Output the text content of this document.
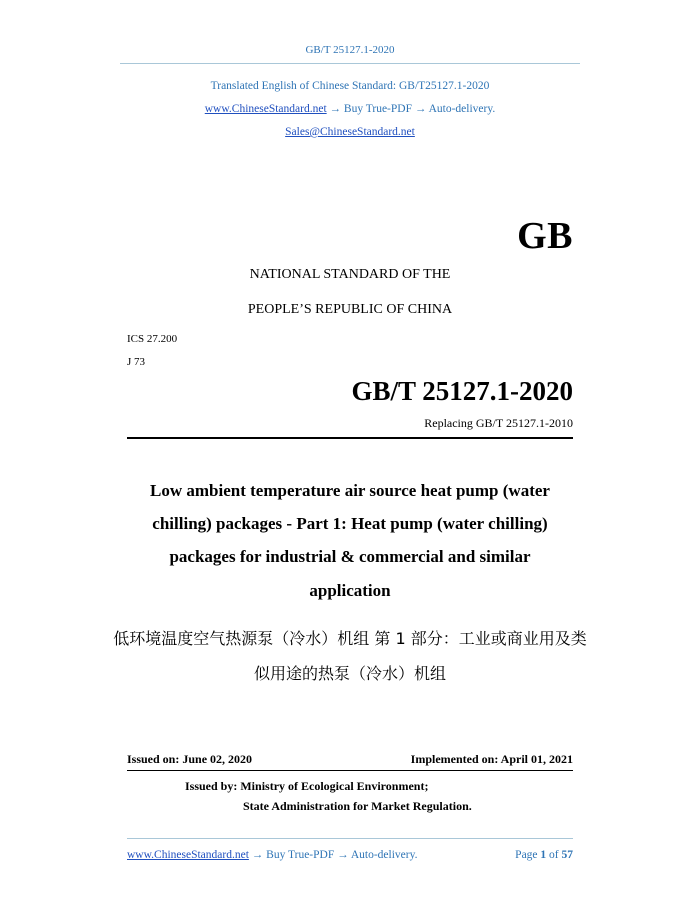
GB/T 25127.1-2020
Translated English of Chinese Standard: GB/T25127.1-2020
www.ChineseStandard.net → Buy True-PDF → Auto-delivery.
Sales@ChineseStandard.net
GB
NATIONAL STANDARD OF THE
PEOPLE’S REPUBLIC OF CHINA
ICS 27.200
J 73
GB/T 25127.1-2020
Replacing GB/T 25127.1-2010
Low ambient temperature air source heat pump (water
chilling) packages - Part 1: Heat pump (water chilling)
packages for industrial & commercial and similar
application
低环境温度空气热源泵（冷水）机组 第 1 部分：工业或商业用及类
似用途的热泵（冷水）机组
Issued on: June 02, 2020	Implemented on: April 01, 2021
Issued by: Ministry of Ecological Environment;
State Administration for Market Regulation.
www.ChineseStandard.net → Buy True-PDF → Auto-delivery.	Page 1 of 57
